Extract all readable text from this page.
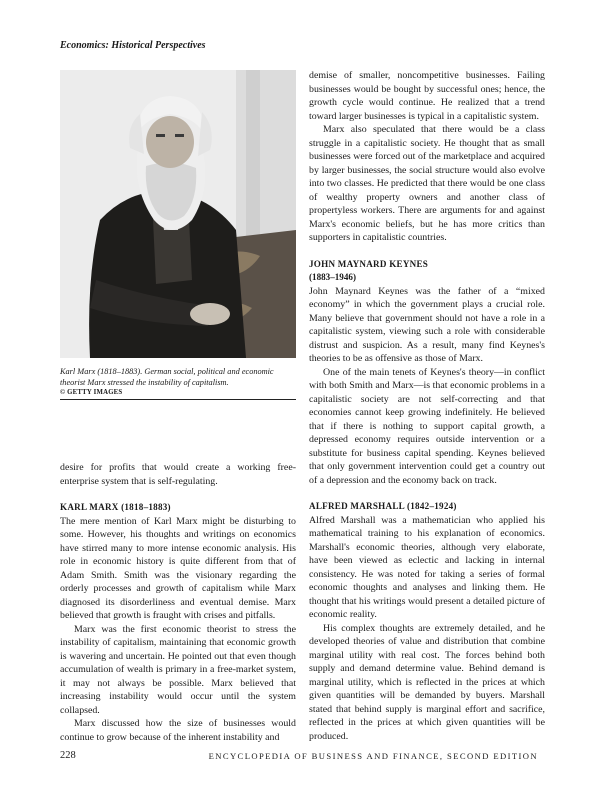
Economics: Historical Perspectives
Karl Marx (1818–1883). German social, political and economic theorist Marx stressed the instability of capitalism.
© GETTY IMAGES

desire for profits that would create a working free-enterprise system that is self-regulating.

KARL MARX (1818–1883)

The mere mention of Karl Marx might be disturbing to some. However, his thoughts and writings on economics have stirred many to more intense economic analysis. His role in economic history is quite different from that of Adam Smith. Smith was the visionary regarding the orderly processes and growth of capitalism while Marx diagnosed its disorderliness and eventual demise. Marx believed that growth is fraught with crises and pitfalls.

Marx was the first economic theorist to stress the instability of capitalism, maintaining that economic growth is wavering and uncertain. He pointed out that even though accumulation of wealth is primary in a free-market system, it may not always be possible. Marx believed that increasing instability would occur until the system collapsed.

Marx discussed how the size of businesses would continue to grow because of the inherent instability and

demise of smaller, noncompetitive businesses. Failing businesses would be bought by successful ones; hence, the growth cycle would continue. He realized that a trend toward larger businesses is typical in a capitalistic system.

Marx also speculated that there would be a class struggle in a capitalistic society. He thought that as small businesses were forced out of the marketplace and acquired by larger businesses, the social structure would also evolve into two classes. He predicted that there would be one class of wealthy property owners and another class of propertyless workers. There are arguments for and against Marx's economic beliefs, but he has more critics than supporters in capitalistic countries.

JOHN MAYNARD KEYNES
(1883–1946)

John Maynard Keynes was the father of a “mixed economy” in which the government plays a crucial role. Many believe that government should not have a role in a capitalistic system, viewing such a role with considerable distrust and suspicion. As a result, many find Keynes's theories to be as offensive as those of Marx.

One of the main tenets of Keynes's theory—in conflict with both Smith and Marx—is that economic problems in a capitalistic society are not self-correcting and that economies cannot keep growing indefinitely. He believed that if there is nothing to support capital growth, a depressed economy requires outside intervention or a substitute for business capital spending. Keynes believed that only government intervention could get a country out of a depression and the economy back on track.

ALFRED MARSHALL (1842–1924)

Alfred Marshall was a mathematician who applied his mathematical training to his explanation of economics. Marshall's economic theories, although very elaborate, have been viewed as eclectic and lacking in internal consistency. He was noted for taking a series of formal economic thoughts and analyses and linking them. He thought that his writings would present a detailed picture of economic reality.

His complex thoughts are extremely detailed, and he developed theories of value and distribution that combine marginal utility with real cost. The forces behind both supply and demand determine value. Behind demand is marginal utility, which is reflected in the prices at which given quantities will be demanded by buyers. Marshall stated that behind supply is marginal effort and sacrifice, reflected in the prices at which given quantities will be produced.

228	ENCYCLOPEDIA OF BUSINESS AND FINANCE, SECOND EDITION
